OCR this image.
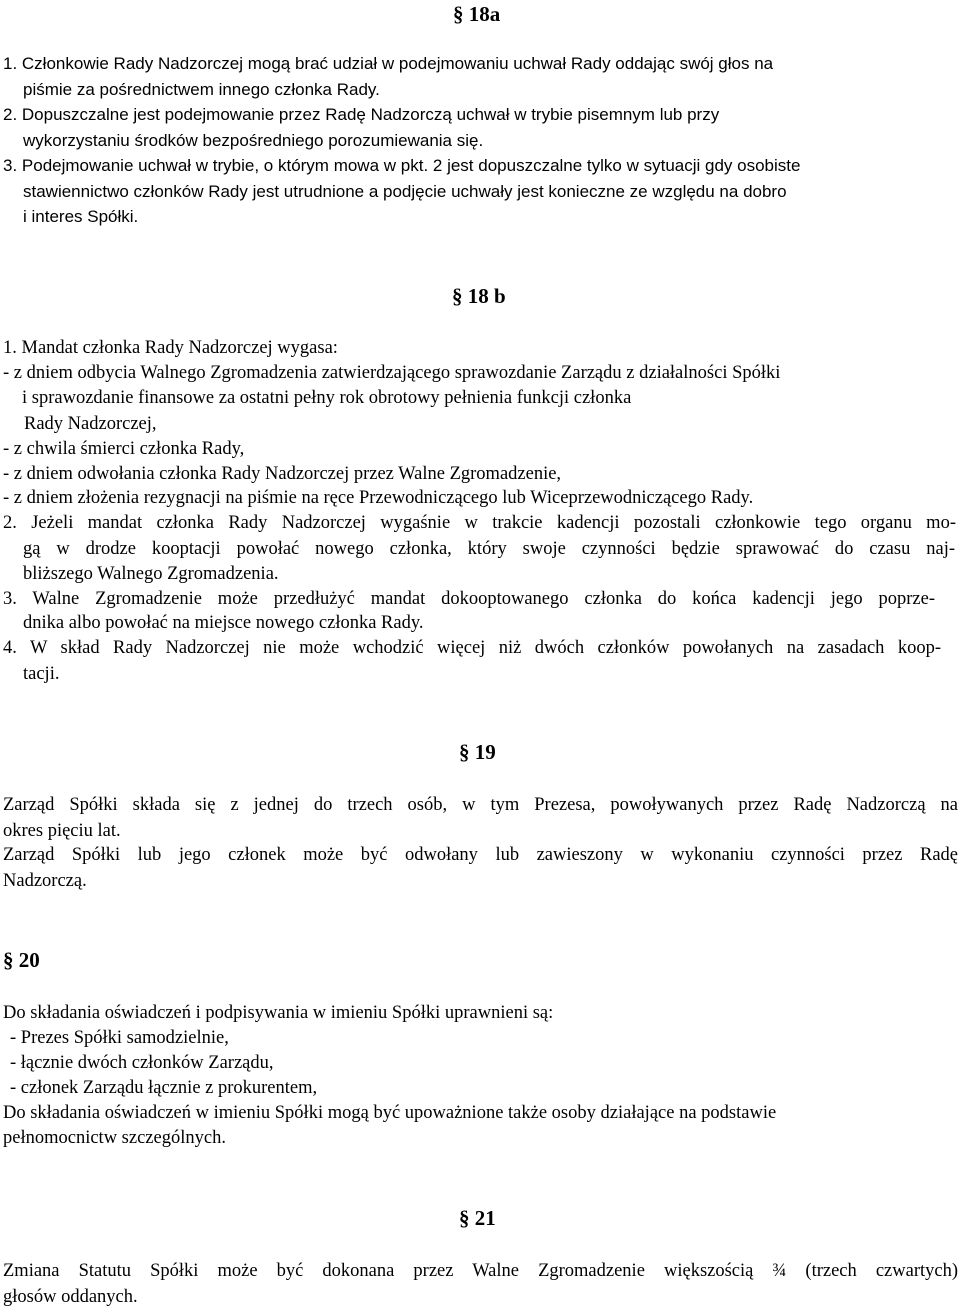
§ 18a
1. Członkowie Rady Nadzorczej mogą brać udział w podejmowaniu uchwał Rady oddając swój głos na
piśmie za pośrednictwem innego członka Rady.
2. Dopuszczalne jest podejmowanie przez Radę Nadzorczą uchwał w trybie pisemnym lub przy
wykorzystaniu środków bezpośredniego porozumiewania się.
3. Podejmowanie uchwał w trybie, o którym mowa w pkt. 2 jest dopuszczalne tylko w sytuacji gdy osobiste
stawiennictwo członków Rady jest utrudnione a podjęcie uchwały jest konieczne ze względu na dobro
i interes Spółki.
§ 18 b
1. Mandat członka Rady Nadzorczej wygasa:
- z dniem odbycia Walnego Zgromadzenia zatwierdzającego sprawozdanie Zarządu z działalności Spółki
i sprawozdanie finansowe za ostatni pełny rok obrotowy pełnienia funkcji członka
Rady Nadzorczej,
- z chwila śmierci członka Rady,
- z dniem odwołania członka Rady Nadzorczej przez Walne Zgromadzenie,
- z dniem złożenia rezygnacji na piśmie na ręce Przewodniczącego lub Wiceprzewodniczącego Rady.
2. Jeżeli mandat członka Rady Nadzorczej wygaśnie w trakcie kadencji pozostali członkowie tego organu mo-
gą w drodze kooptacji powołać nowego członka, który swoje czynności będzie sprawować do czasu naj-
bliższego Walnego Zgromadzenia.
3. Walne Zgromadzenie może przedłużyć mandat dokooptowanego członka do końca kadencji jego poprze-
dnika albo powołać na miejsce nowego członka Rady.
4. W skład Rady Nadzorczej nie może wchodzić więcej niż dwóch członków powołanych na zasadach koop-
tacji.
§ 19
Zarząd Spółki składa się z jednej do trzech osób, w tym Prezesa, powoływanych przez Radę Nadzorczą na
okres pięciu lat.
Zarząd Spółki lub jego członek może być odwołany lub zawieszony w wykonaniu czynności przez Radę
Nadzorczą.
§ 20
Do składania oświadczeń i podpisywania w imieniu Spółki uprawnieni są:
- Prezes Spółki samodzielnie,
- łącznie dwóch członków Zarządu,
- członek Zarządu łącznie z prokurentem,
Do składania oświadczeń w imieniu Spółki mogą być upoważnione także osoby działające na podstawie
pełnomocnictw szczególnych.
§ 21
Zmiana Statutu Spółki może być dokonana przez Walne Zgromadzenie większością ¾ (trzech czwartych)
głosów oddanych.
